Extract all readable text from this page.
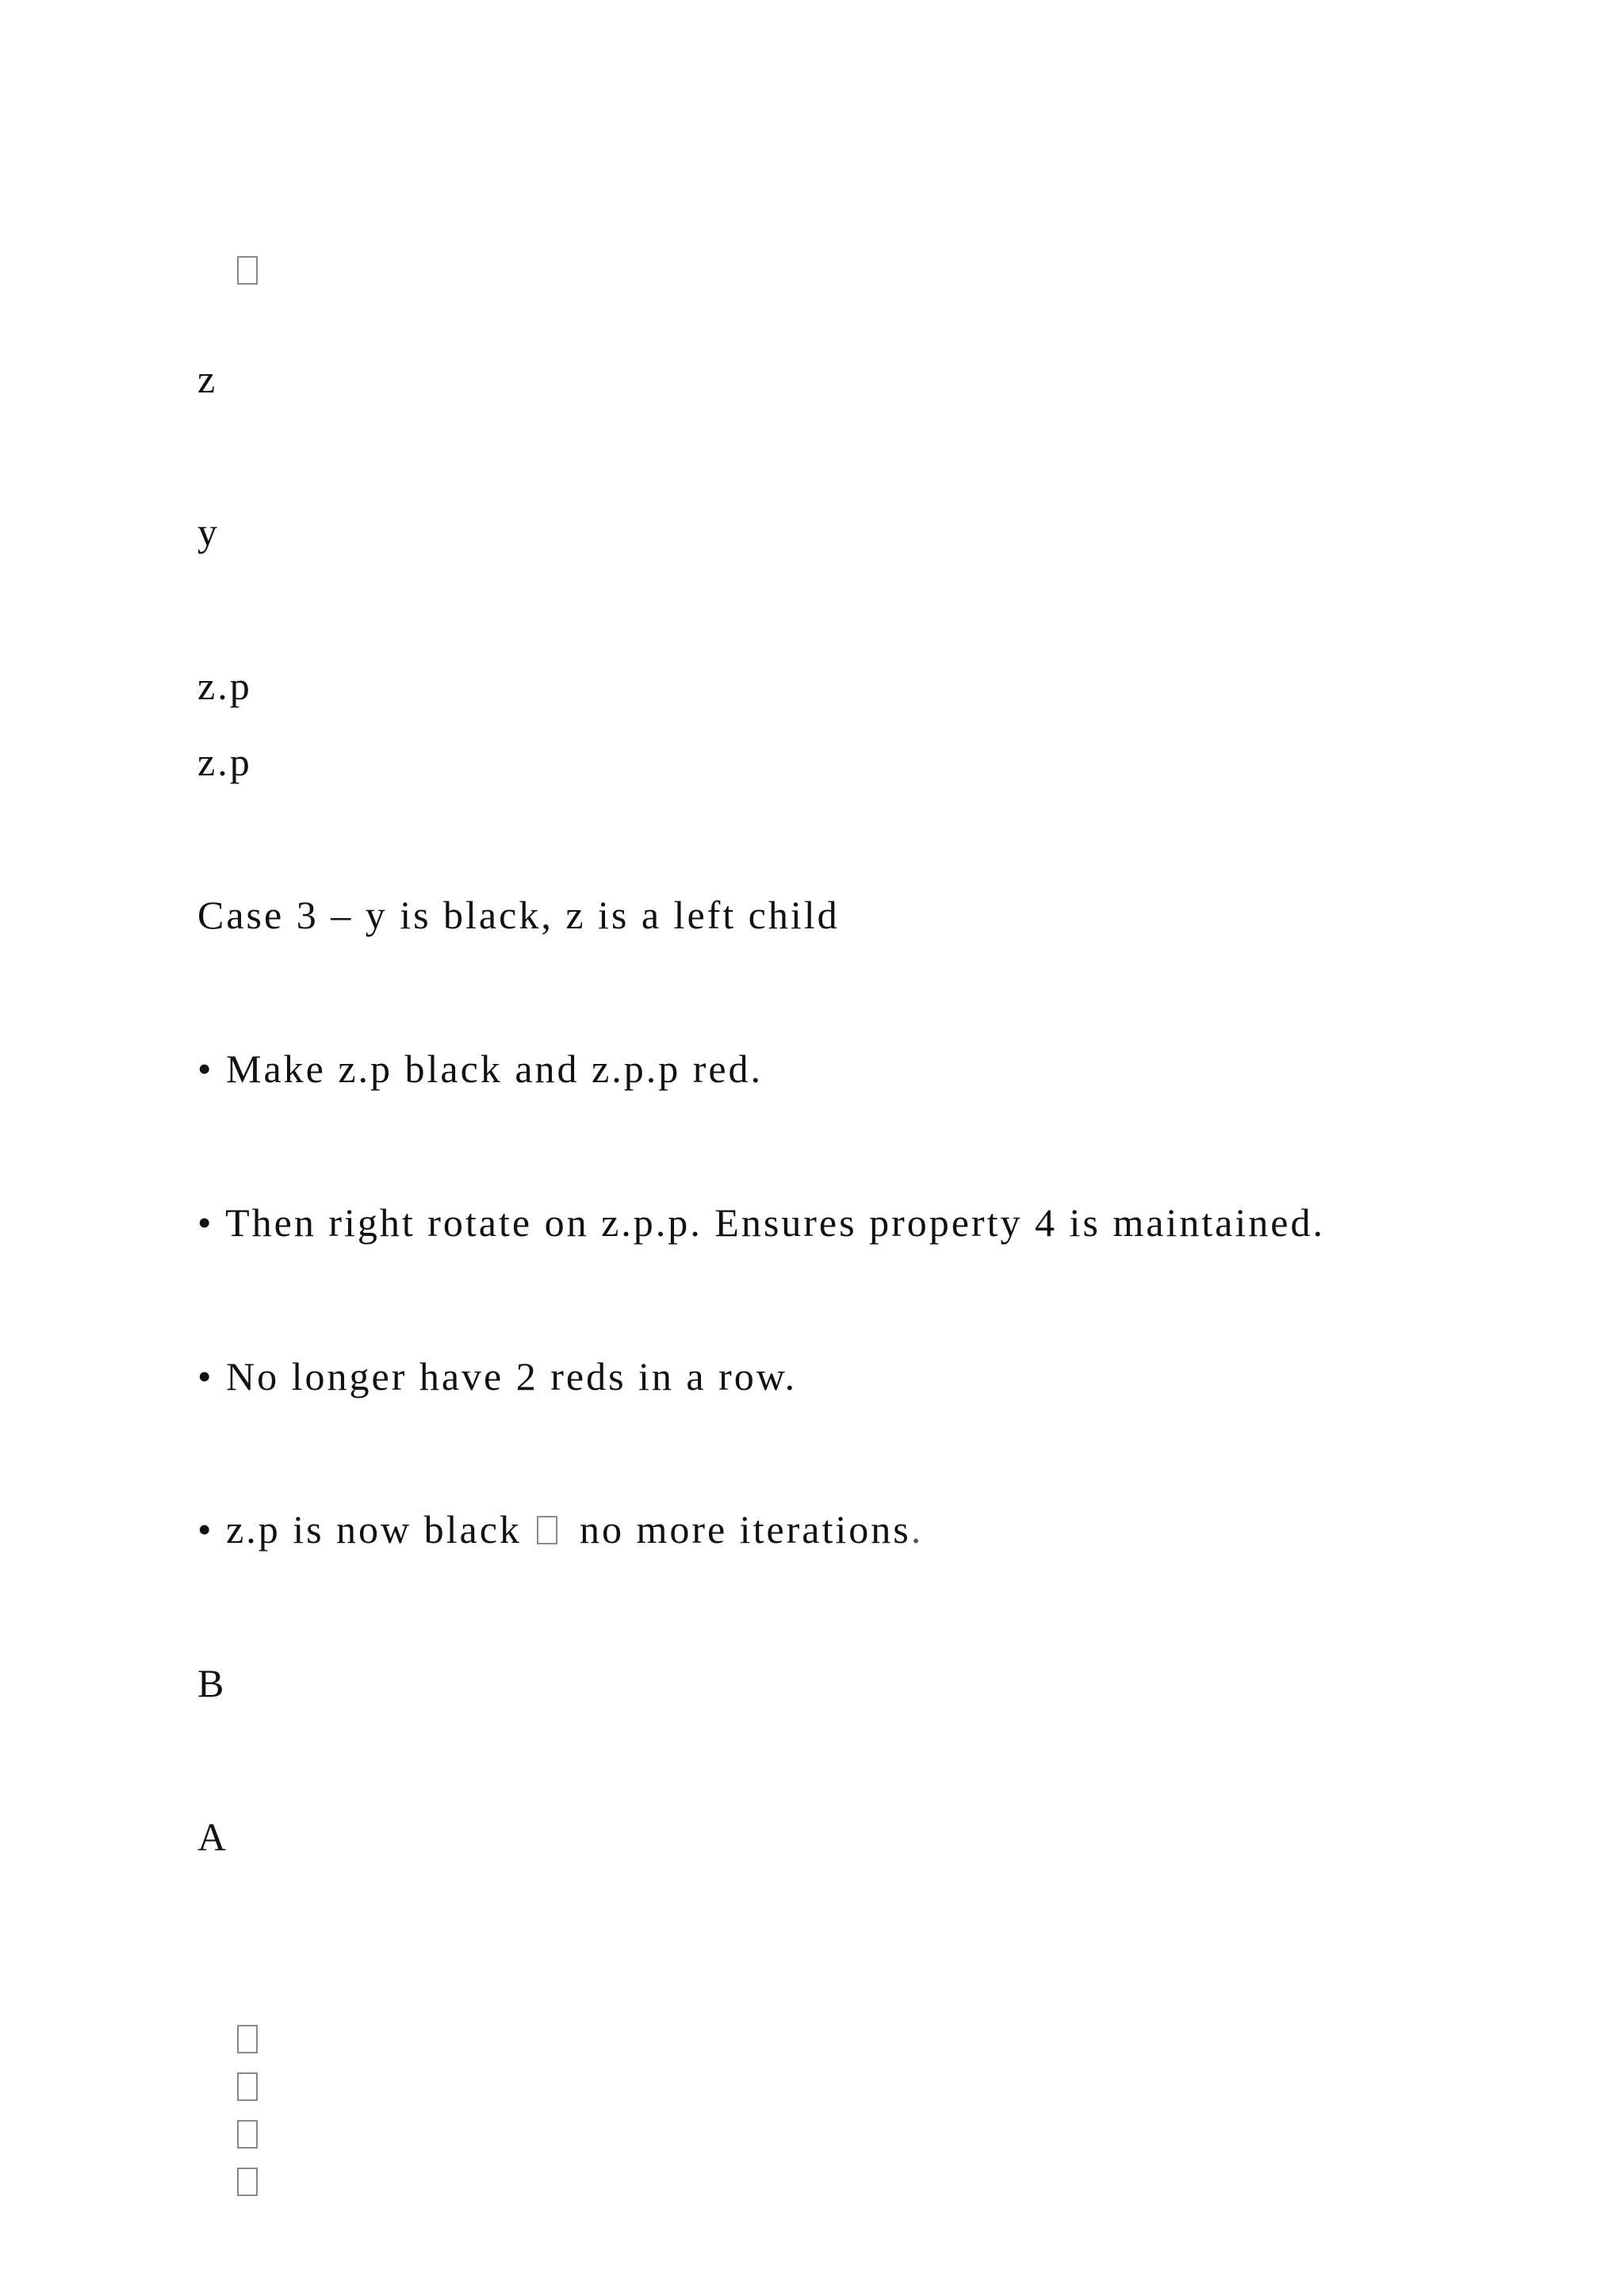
z
y
z.p
z.p
Case 3 – y is black, z is a left child
• Make z.p black and z.p.p red.
• Then right rotate on z.p.p. Ensures property 4 is maintained.
• No longer have 2 reds in a row.
• z.p is now black  no more iterations.
B
A
